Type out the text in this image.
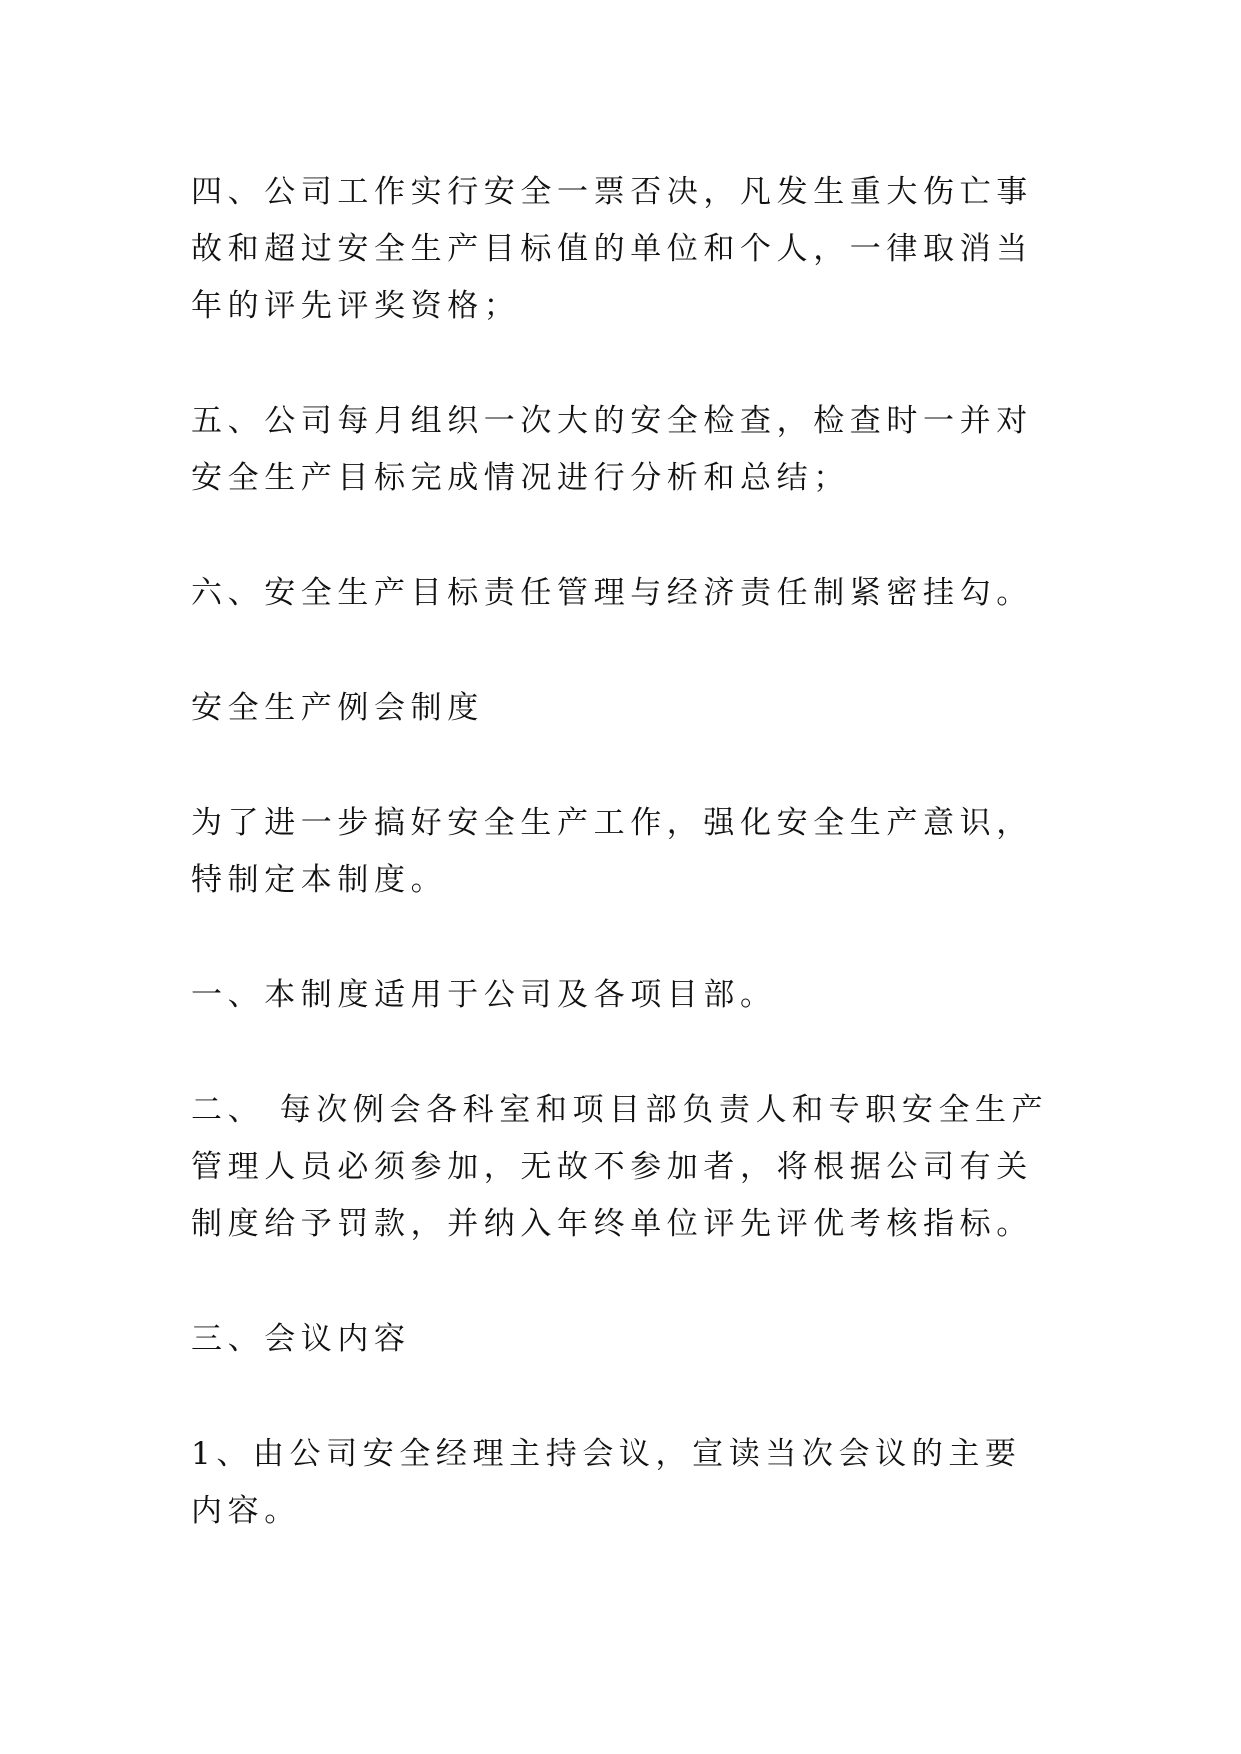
四、公司工作实行安全一票否决，凡发生重大伤亡事故和超过安全生产目标值的单位和个人，一律取消当年的评先评奖资格；

五、公司每月组织一次大的安全检查，检查时一并对安全生产目标完成情况进行分析和总结；

六、安全生产目标责任管理与经济责任制紧密挂勾。

安全生产例会制度

为了进一步搞好安全生产工作，强化安全生产意识，特制定本制度。

一、本制度适用于公司及各项目部。

二、 每次例会各科室和项目部负责人和专职安全生产管理人员必须参加，无故不参加者，将根据公司有关制度给予罚款，并纳入年终单位评先评优考核指标。

三、会议内容

1、由公司安全经理主持会议，宣读当次会议的主要内容。
